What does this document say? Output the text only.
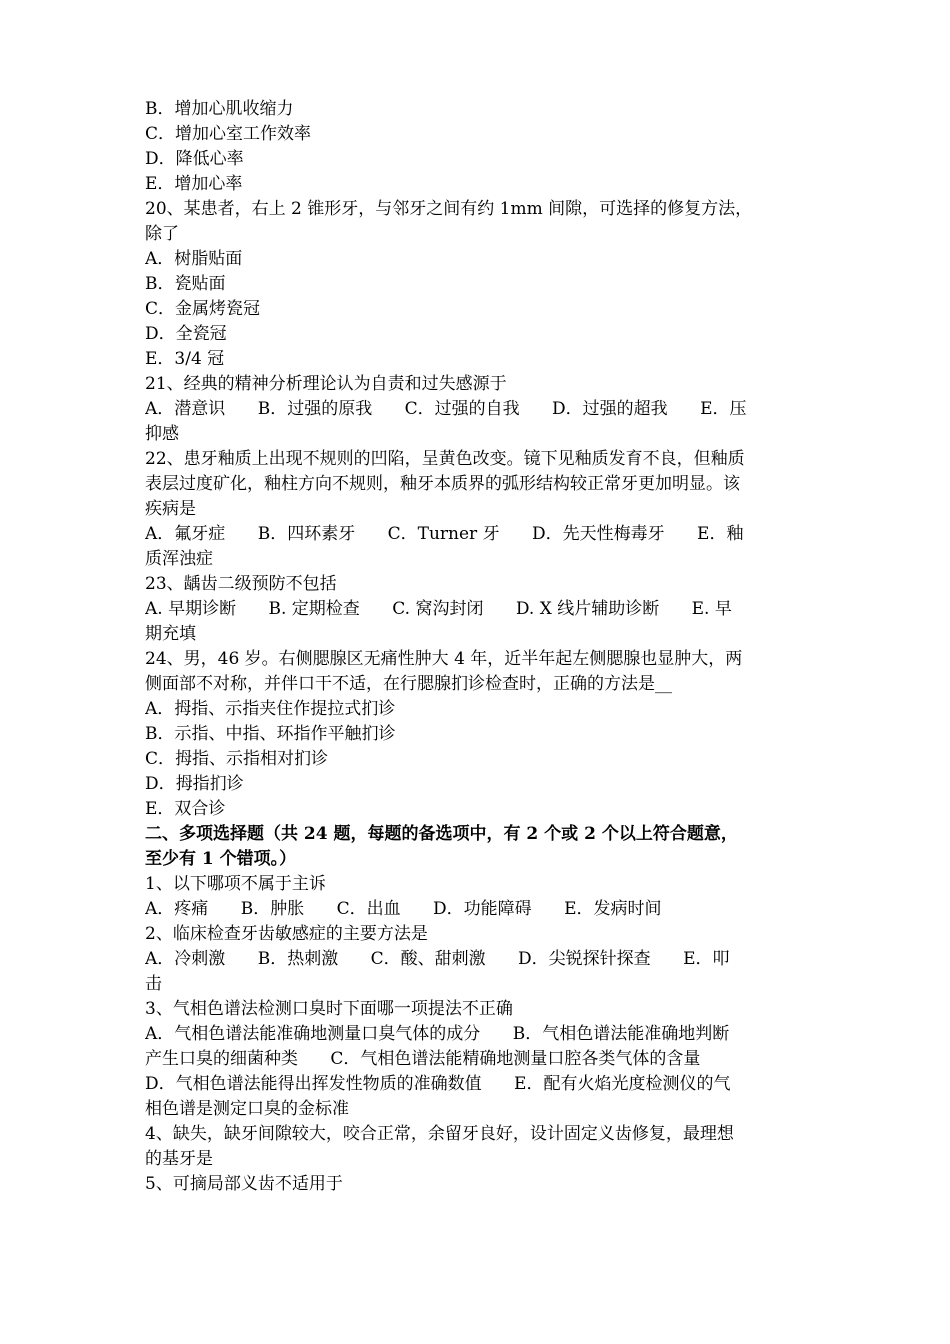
B．增加心肌收缩力
C．增加心室工作效率
D．降低心率
E．增加心率
20、某患者，右上 2 锥形牙，与邻牙之间有约 1mm 间隙，可选择的修复方法，
除了
A．树脂贴面
B．瓷贴面
C．金属烤瓷冠
D．全瓷冠
E．3/4 冠
21、经典的精神分析理论认为自责和过失感源于
A．潜意识      B．过强的原我      C．过强的自我      D．过强的超我      E．压
抑感
22、患牙釉质上出现不规则的凹陷，呈黄色改变。镜下见釉质发育不良，但釉质
表层过度矿化，釉柱方向不规则，釉牙本质界的弧形结构较正常牙更加明显。该
疾病是
A．氟牙症      B．四环素牙      C．Turner 牙      D．先天性梅毒牙      E．釉
质浑浊症
23、龋齿二级预防不包括
A. 早期诊断      B. 定期检查      C. 窝沟封闭      D. X 线片辅助诊断      E. 早
期充填
24、男，46 岁。右侧腮腺区无痛性肿大 4 年，近半年起左侧腮腺也显肿大，两
侧面部不对称，并伴口干不适，在行腮腺扪诊检查时，正确的方法是__
A．拇指、示指夹住作提拉式扪诊
B．示指、中指、环指作平触扪诊
C．拇指、示指相对扪诊
D．拇指扪诊
E．双合诊
二、多项选择题（共 24 题，每题的备选项中，有 2 个或 2 个以上符合题意，
至少有 1 个错项。）
1、以下哪项不属于主诉
A．疼痛      B．肿胀      C．出血      D．功能障碍      E．发病时间
2、临床检查牙齿敏感症的主要方法是
A．冷刺激      B．热刺激      C．酸、甜刺激      D．尖锐探针探查      E．叩
击
3、气相色谱法检测口臭时下面哪一项提法不正确
A．气相色谱法能准确地测量口臭气体的成分      B．气相色谱法能准确地判断
产生口臭的细菌种类      C．气相色谱法能精确地测量口腔各类气体的含量
D．气相色谱法能得出挥发性物质的准确数值      E．配有火焰光度检测仪的气
相色谱是测定口臭的金标准
4、缺失，缺牙间隙较大，咬合正常，余留牙良好，设计固定义齿修复，最理想
的基牙是
5、可摘局部义齿不适用于
